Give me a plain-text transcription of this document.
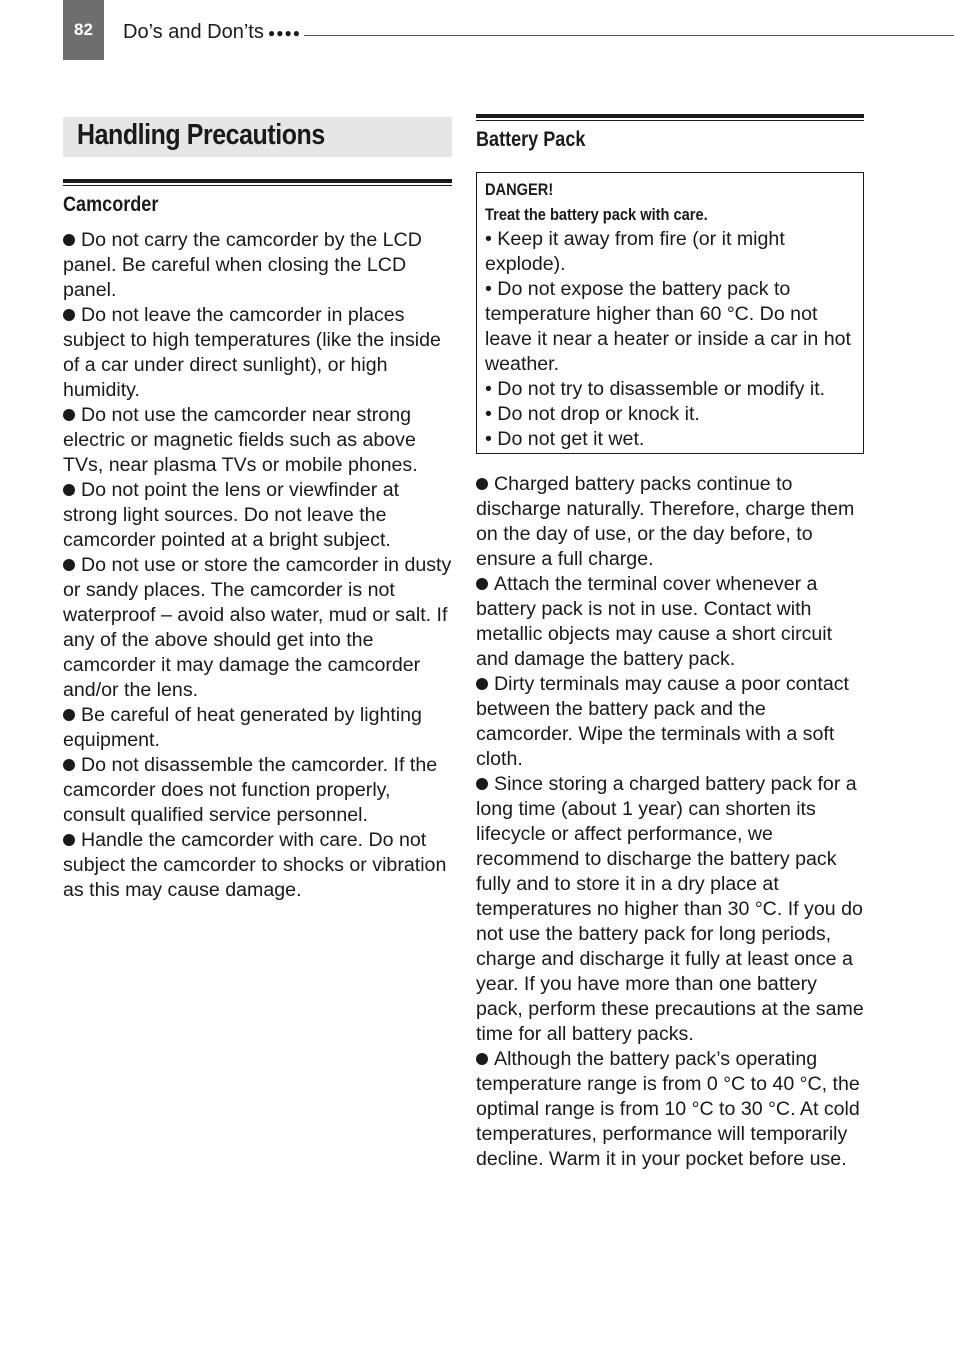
82	Do’s and Don’ts ●●●●
Handling Precautions
Camcorder

Do not carry the camcorder by the LCD panel. Be careful when closing the LCD panel.

Do not leave the camcorder in places subject to high temperatures (like the inside of a car under direct sunlight), or high humidity.

Do not use the camcorder near strong electric or magnetic fields such as above TVs, near plasma TVs or mobile phones.

Do not point the lens or viewfinder at strong light sources. Do not leave the camcorder pointed at a bright subject.

Do not use or store the camcorder in dusty or sandy places. The camcorder is not waterproof – avoid also water, mud or salt. If any of the above should get into the camcorder it may damage the camcorder and/or the lens.

Be careful of heat generated by lighting equipment.

Do not disassemble the camcorder. If the camcorder does not function properly, consult qualified service personnel.

Handle the camcorder with care. Do not subject the camcorder to shocks or vibration as this may cause damage.

Battery Pack
DANGER!
Treat the battery pack with care.
• Keep it away from fire (or it might explode).
• Do not expose the battery pack to temperature higher than 60 °C. Do not leave it near a heater or inside a car in hot weather.
• Do not try to disassemble or modify it.
• Do not drop or knock it.
• Do not get it wet.

Charged battery packs continue to discharge naturally. Therefore, charge them on the day of use, or the day before, to ensure a full charge.

Attach the terminal cover whenever a battery pack is not in use. Contact with metallic objects may cause a short circuit and damage the battery pack.

Dirty terminals may cause a poor contact between the battery pack and the camcorder. Wipe the terminals with a soft cloth.

Since storing a charged battery pack for a long time (about 1 year) can shorten its lifecycle or affect performance, we recommend to discharge the battery pack fully and to store it in a dry place at temperatures no higher than 30 °C. If you do not use the battery pack for long periods, charge and discharge it fully at least once a year. If you have more than one battery pack, perform these precautions at the same time for all battery packs.

Although the battery pack’s operating temperature range is from 0 °C to 40 °C, the optimal range is from 10 °C to 30 °C. At cold temperatures, performance will temporarily decline. Warm it in your pocket before use.
